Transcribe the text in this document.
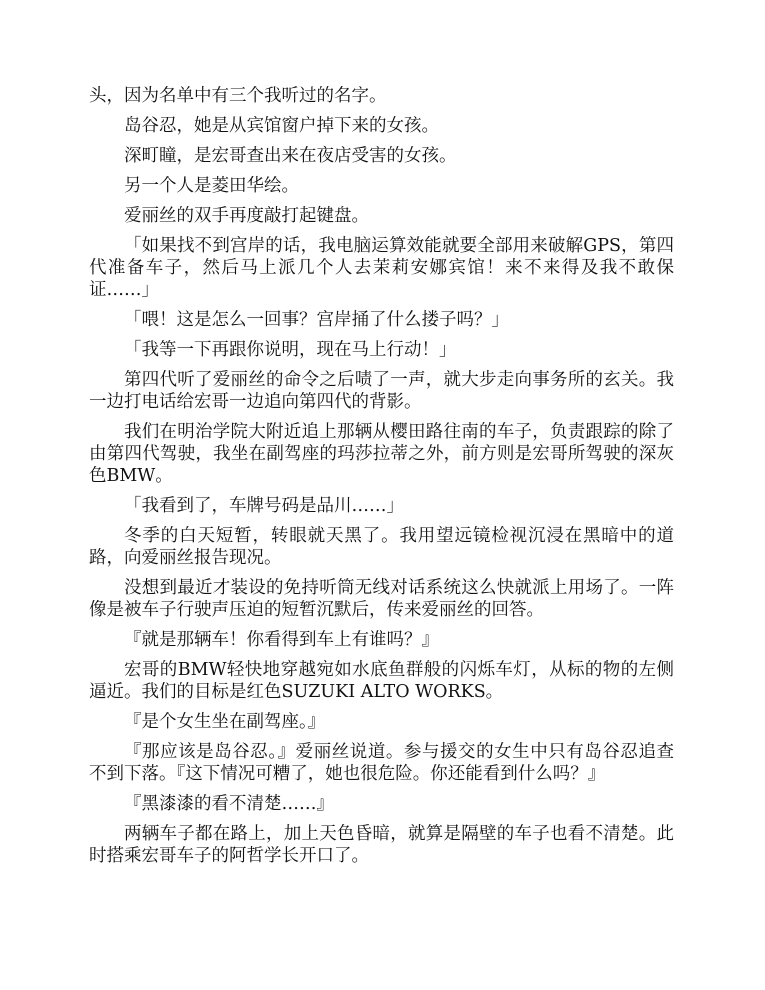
头，因为名单中有三个我听过的名字。

岛谷忍，她是从宾馆窗户掉下来的女孩。

深町瞳，是宏哥查出来在夜店受害的女孩。

另一个人是菱田华绘。

爱丽丝的双手再度敲打起键盘。

「如果找不到宫岸的话，我电脑运算效能就要全部用来破解GPS，第四代准备车子，然后马上派几个人去茉莉安娜宾馆！来不来得及我不敢保证……」

「喂！这是怎么一回事？宫岸捅了什么搂子吗？」

「我等一下再跟你说明，现在马上行动！」

第四代听了爱丽丝的命令之后啧了一声，就大步走向事务所的玄关。我一边打电话给宏哥一边追向第四代的背影。

我们在明治学院大附近追上那辆从樱田路往南的车子，负责跟踪的除了由第四代驾驶，我坐在副驾座的玛莎拉蒂之外，前方则是宏哥所驾驶的深灰色BMW。

「我看到了，车牌号码是品川……」

冬季的白天短暂，转眼就天黑了。我用望远镜检视沉浸在黑暗中的道路，向爱丽丝报告现况。

没想到最近才装设的免持听筒无线对话系统这么快就派上用场了。一阵像是被车子行驶声压迫的短暂沉默后，传来爱丽丝的回答。

『就是那辆车！你看得到车上有谁吗？』

宏哥的BMW轻快地穿越宛如水底鱼群般的闪烁车灯，从标的物的左侧逼近。我们的目标是红色SUZUKI ALTO WORKS。

『是个女生坐在副驾座。』

『那应该是岛谷忍。』爱丽丝说道。参与援交的女生中只有岛谷忍追查不到下落。『这下情况可糟了，她也很危险。你还能看到什么吗？』

『黑漆漆的看不清楚……』

两辆车子都在路上，加上天色昏暗，就算是隔壁的车子也看不清楚。此时搭乘宏哥车子的阿哲学长开口了。
